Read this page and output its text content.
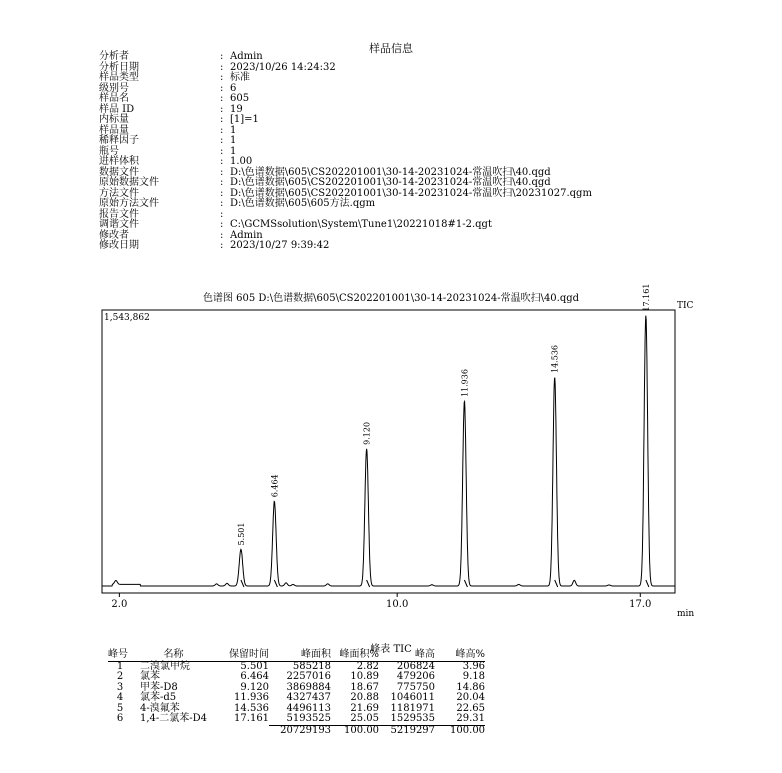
样品信息
分析者	: Admin
分析日期	: 2023/10/26 14:24:32
样品类型	: 标准
级别号	: 6
样品名	: 605
样品 ID	: 19
内标量	: [1]=1
样品量	: 1
稀释因子	: 1
瓶号	: 1
进样体积	: 1.00
数据文件	: D:\色谱数据\605\CS202201001\30-14-20231024-常温吹扫\40.qgd
原始数据文件	: D:\色谱数据\605\CS202201001\30-14-20231024-常温吹扫\40.qgd
方法文件	: D:\色谱数据\605\CS202201001\30-14-20231024-常温吹扫\20231027.qgm
原始方法文件	: D:\色谱数据\605\605方法.qgm
报告文件	:
调谐文件	: C:\GCMSsolution\System\Tune1\20221018#1-2.qgt
修改者	: Admin
修改日期	: 2023/10/27 9:39:42
色谱图 605 D:\色谱数据\605\CS202201001\30-14-20231024-常温吹扫\40.qgd
2.0	10.0	17.0
5.501
6.464
9.120
11.936
14.536
17.161
1,543,862
TIC
min
峰表 TIC
峰号	名称	保留时间	峰面积	峰面积%	峰高	峰高%
1	二溴氯甲烷	5.501	585218	2.82	206824	3.96
2	氯苯	6.464	2257016	10.89	479206	9.18
3	甲苯-D8	9.120	3869884	18.67	775750	14.86
4	氯苯-d5	11.936	4327437	20.88	1046011	20.04
5	4-溴氟苯	14.536	4496113	21.69	1181971	22.65
6	1,4-二氯苯-D4	17.161	5193525	25.05	1529535	29.31
			20729193	100.00	5219297	100.00
